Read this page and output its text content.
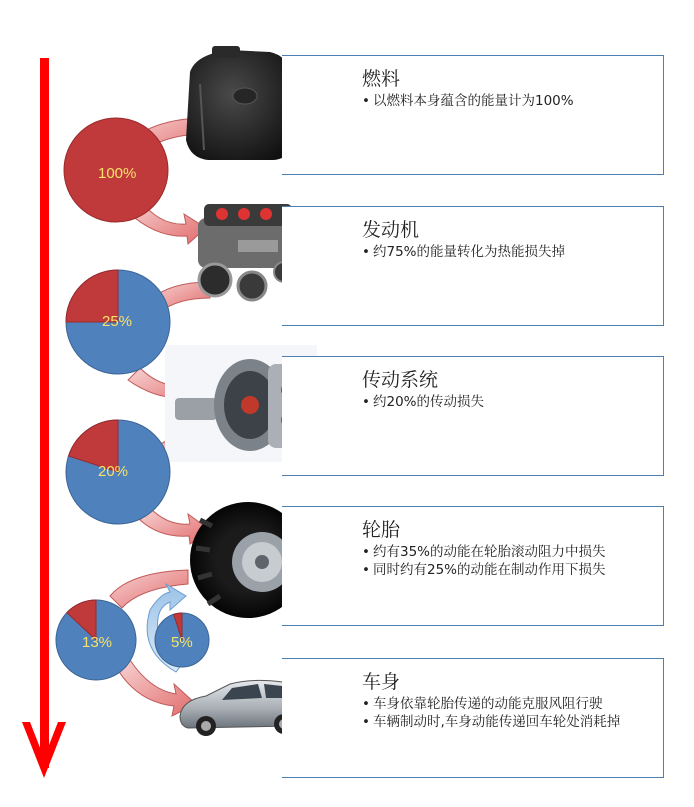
100%
25%
20%
13%	5%
燃料
• 以燃料本身蕴含的能量计为100%
发动机
• 约75%的能量转化为热能损失掉
传动系统
• 约20%的传动损失
轮胎
• 约有35%的动能在轮胎滚动阻力中损失
• 同时约有25%的动能在制动作用下损失
车身
• 车身依靠轮胎传递的动能克服风阻行驶
• 车辆制动时,车身动能传递回车轮处消耗掉
